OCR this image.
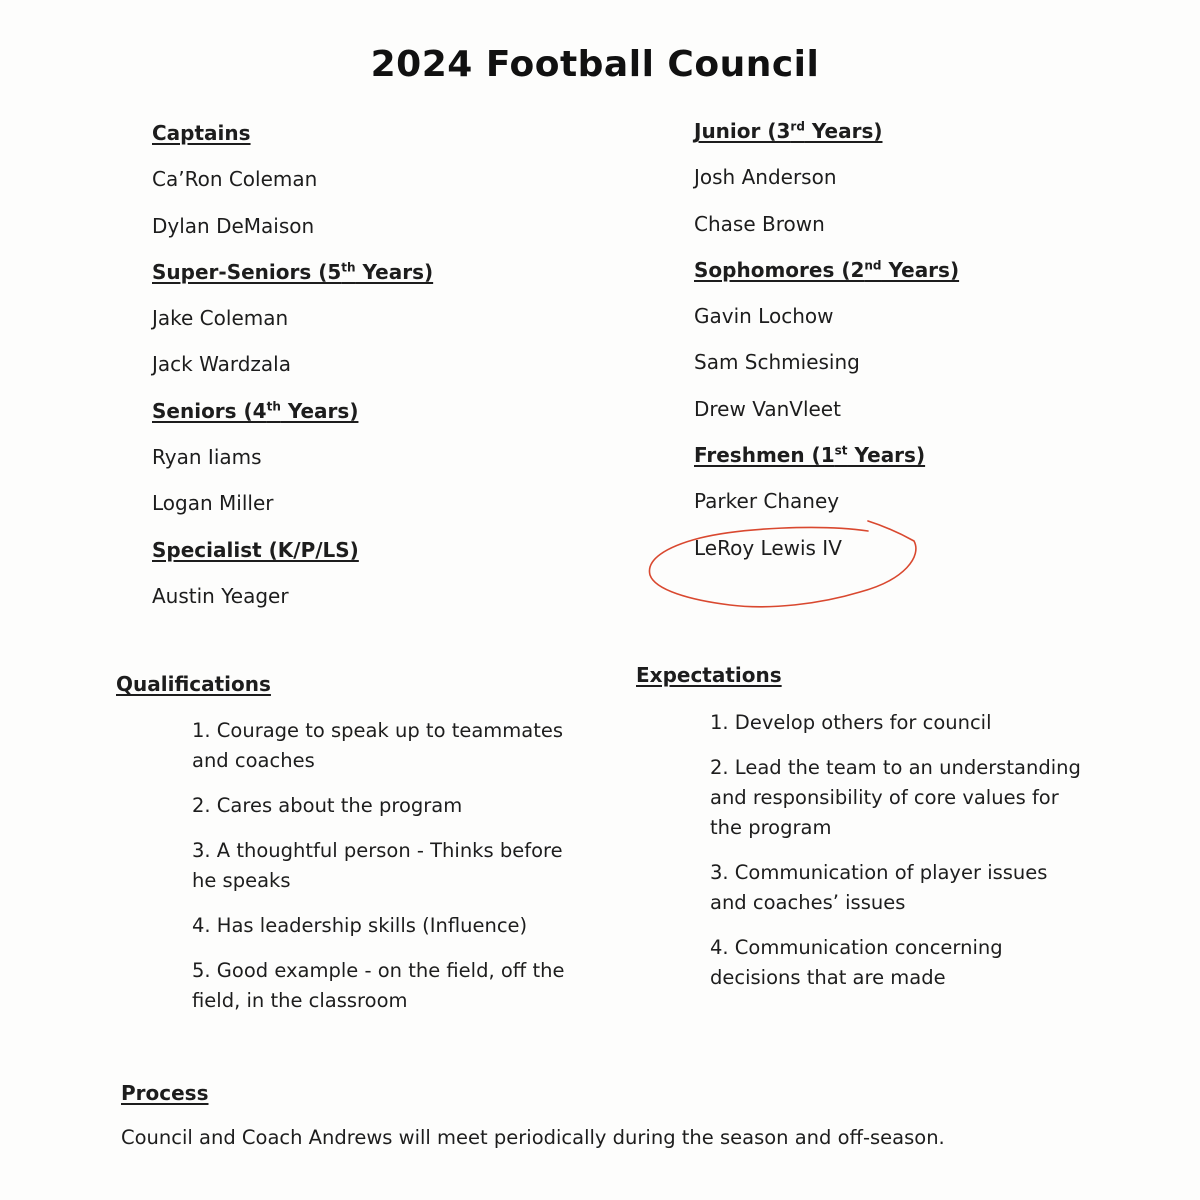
2024 Football Council
Captains
Ca’Ron Coleman
Dylan DeMaison
Super-Seniors (5th Years)
Jake Coleman
Jack Wardzala
Seniors (4th Years)
Ryan Iiams
Logan Miller
Specialist (K/P/LS)
Austin Yeager
Junior (3rd Years)
Josh Anderson
Chase Brown
Sophomores (2nd Years)
Gavin Lochow
Sam Schmiesing
Drew VanVleet
Freshmen (1st Years)
Parker Chaney
LeRoy Lewis IV
Qualifications
1. Courage to speak up to teammates
and coaches
2. Cares about the program
3. A thoughtful person - Thinks before
he speaks
4. Has leadership skills (Influence)
5. Good example - on the field, off the
field, in the classroom
Expectations
1. Develop others for council
2. Lead the team to an understanding
and responsibility of core values for
the program
3. Communication of player issues
and coaches’ issues
4. Communication concerning
decisions that are made
Process
Council and Coach Andrews will meet periodically during the season and off-season.
